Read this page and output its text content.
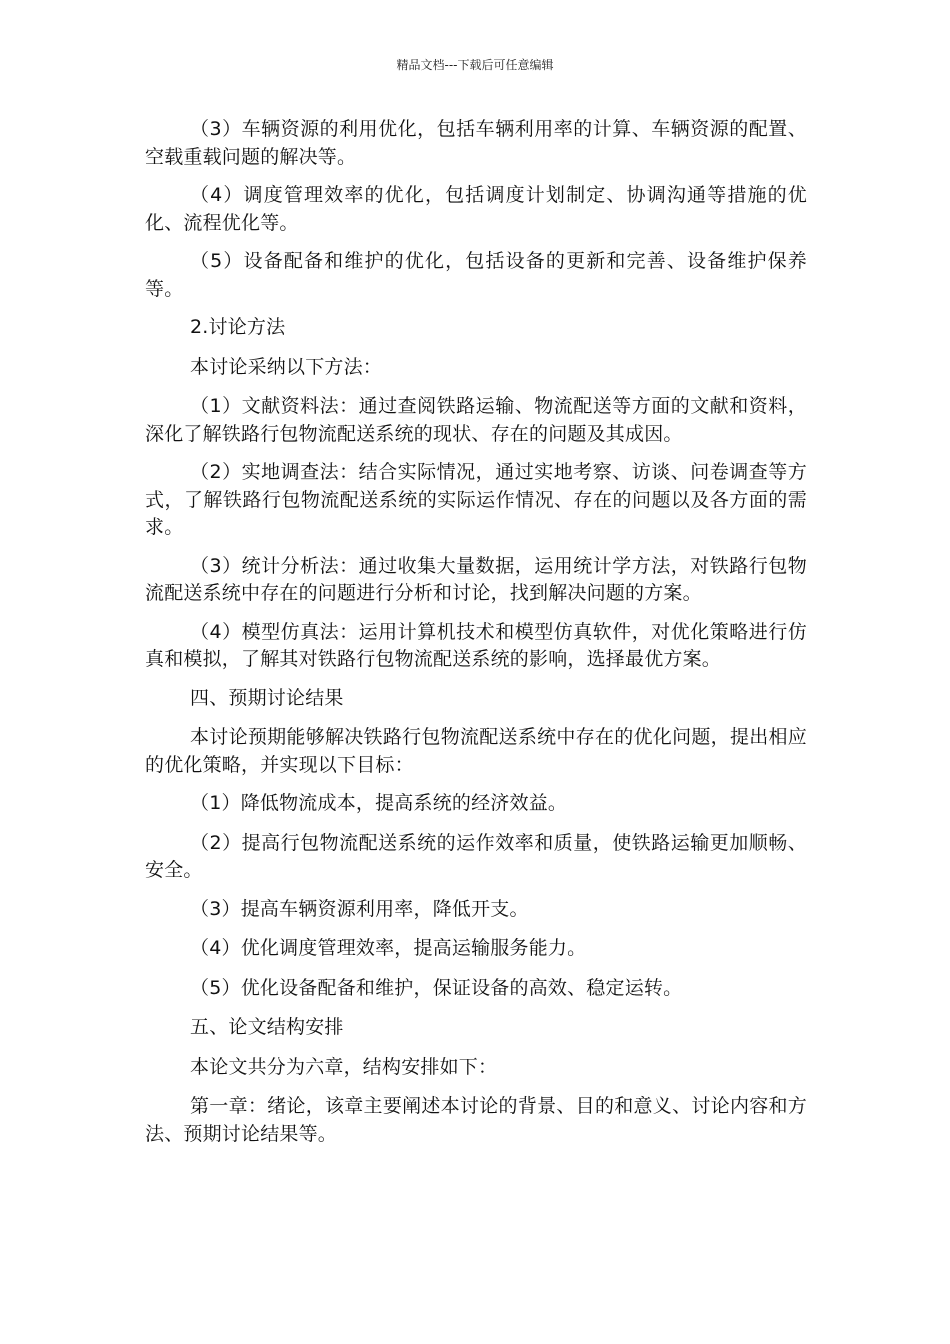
精品文档---下载后可任意编辑

（3）车辆资源的利用优化，包括车辆利用率的计算、车辆资源的配置、空载重载问题的解决等。

（4）调度管理效率的优化，包括调度计划制定、协调沟通等措施的优化、流程优化等。

（5）设备配备和维护的优化，包括设备的更新和完善、设备维护保养等。

2.讨论方法

本讨论采纳以下方法：

（1）文献资料法：通过查阅铁路运输、物流配送等方面的文献和资料，深化了解铁路行包物流配送系统的现状、存在的问题及其成因。

（2）实地调查法：结合实际情况，通过实地考察、访谈、问卷调查等方式，了解铁路行包物流配送系统的实际运作情况、存在的问题以及各方面的需求。

（3）统计分析法：通过收集大量数据，运用统计学方法，对铁路行包物流配送系统中存在的问题进行分析和讨论，找到解决问题的方案。

（4）模型仿真法：运用计算机技术和模型仿真软件，对优化策略进行仿真和模拟，了解其对铁路行包物流配送系统的影响，选择最优方案。

四、预期讨论结果

本讨论预期能够解决铁路行包物流配送系统中存在的优化问题，提出相应的优化策略，并实现以下目标：

（1）降低物流成本，提高系统的经济效益。

（2）提高行包物流配送系统的运作效率和质量，使铁路运输更加顺畅、安全。

（3）提高车辆资源利用率，降低开支。

（4）优化调度管理效率，提高运输服务能力。

（5）优化设备配备和维护，保证设备的高效、稳定运转。

五、论文结构安排

本论文共分为六章，结构安排如下：

第一章：绪论，该章主要阐述本讨论的背景、目的和意义、讨论内容和方法、预期讨论结果等。
